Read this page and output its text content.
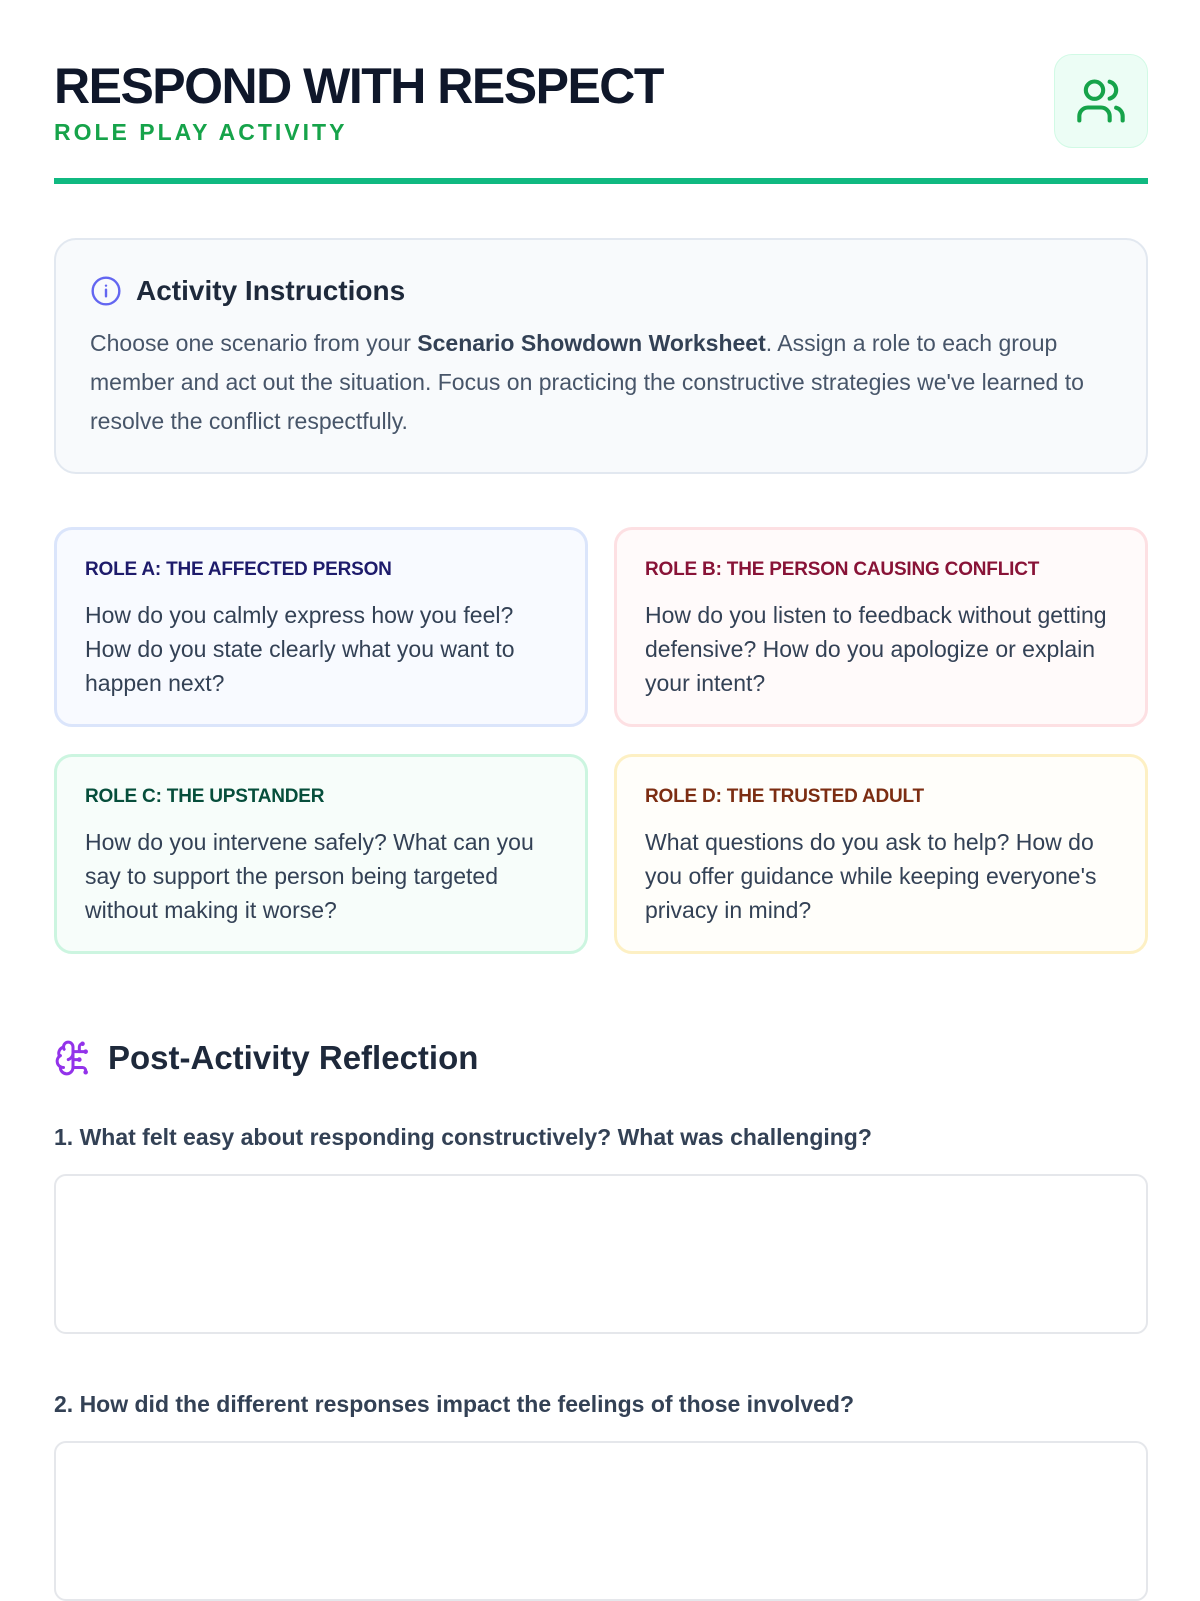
RESPOND WITH RESPECT
ROLE PLAY ACTIVITY
Activity Instructions
Choose one scenario from your Scenario Showdown Worksheet. Assign a role to each group member and act out the situation. Focus on practicing the constructive strategies we've learned to resolve the conflict respectfully.
ROLE A: THE AFFECTED PERSON
How do you calmly express how you feel? How do you state clearly what you want to happen next?
ROLE B: THE PERSON CAUSING CONFLICT
How do you listen to feedback without getting defensive? How do you apologize or explain your intent?
ROLE C: THE UPSTANDER
How do you intervene safely? What can you say to support the person being targeted without making it worse?
ROLE D: THE TRUSTED ADULT
What questions do you ask to help? How do you offer guidance while keeping everyone's privacy in mind?
Post-Activity Reflection
1. What felt easy about responding constructively? What was challenging?
2. How did the different responses impact the feelings of those involved?
